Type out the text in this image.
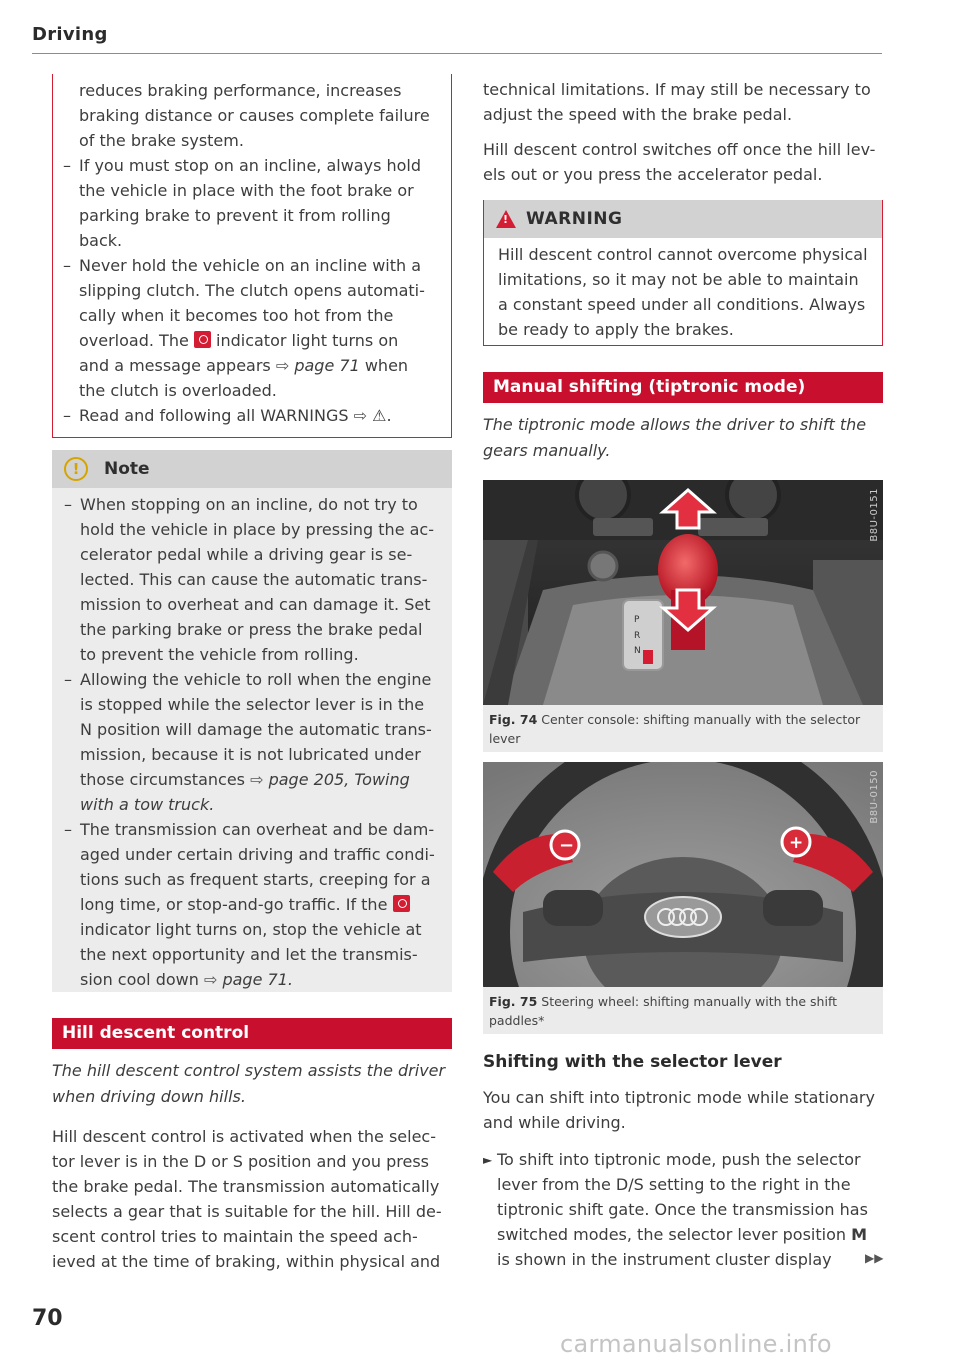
Driving

reduces braking performance, increases

braking distance or causes complete failure

of the brake system.

– If you must stop on an incline, always hold
the vehicle in place with the foot brake or
parking brake to prevent it from rolling
back.
– Never hold the vehicle on an incline with a
slipping clutch. The clutch opens automati-
cally when it becomes too hot from the
overload. The indicator light turns on
and a message appears ⇨ page 71 when
the clutch is overloaded.
– Read and following all WARNINGS ⇨ ⚠.
!	Note
– When stopping on an incline, do not try to
hold the vehicle in place by pressing the ac-
celerator pedal while a driving gear is se-
lected. This can cause the automatic trans-
mission to overheat and can damage it. Set
the parking brake or press the brake pedal
to prevent the vehicle from rolling.
– Allowing the vehicle to roll when the engine
is stopped while the selector lever is in the
N position will damage the automatic trans-
mission, because it is not lubricated under
those circumstances ⇨ page 205, Towing
with a tow truck.
– The transmission can overheat and be dam-
aged under certain driving and traffic condi-
tions such as frequent starts, creeping for a
long time, or stop-and-go traffic. If the
indicator light turns on, stop the vehicle at
the next opportunity and let the transmis-
sion cool down ⇨ page 71.
Hill descent control
The hill descent control system assists the driver
when driving down hills.

Hill descent control is activated when the selec-
tor lever is in the D or S position and you press
the brake pedal. The transmission automatically
selects a gear that is suitable for the hill. Hill de-
scent control tries to maintain the speed ach-
ieved at the time of braking, within physical and

technical limitations. If may still be necessary to
adjust the speed with the brake pedal.

Hill descent control switches off once the hill lev-
els out or you press the accelerator pedal.

!
WARNING

Hill descent control cannot overcome physical
limitations, so it may not be able to maintain
a constant speed under all conditions. Always
be ready to apply the brakes.

Manual shifting (tiptronic mode)
The tiptronic mode allows the driver to shift the
gears manually.
P
R
N
B8U-0151
Fig. 74 Center console: shifting manually with the selector
lever
−	+
B8U-0150
Fig. 75 Steering wheel: shifting manually with the shift
paddles*
Shifting with the selector lever

You can shift into tiptronic mode while stationary
and while driving.

► To shift into tiptronic mode, push the selector
lever from the D/S setting to the right in the
tiptronic shift gate. Once the transmission has
switched modes, the selector lever position M
is shown in the instrument cluster display	▶▶
70
carmanualsonline.info
